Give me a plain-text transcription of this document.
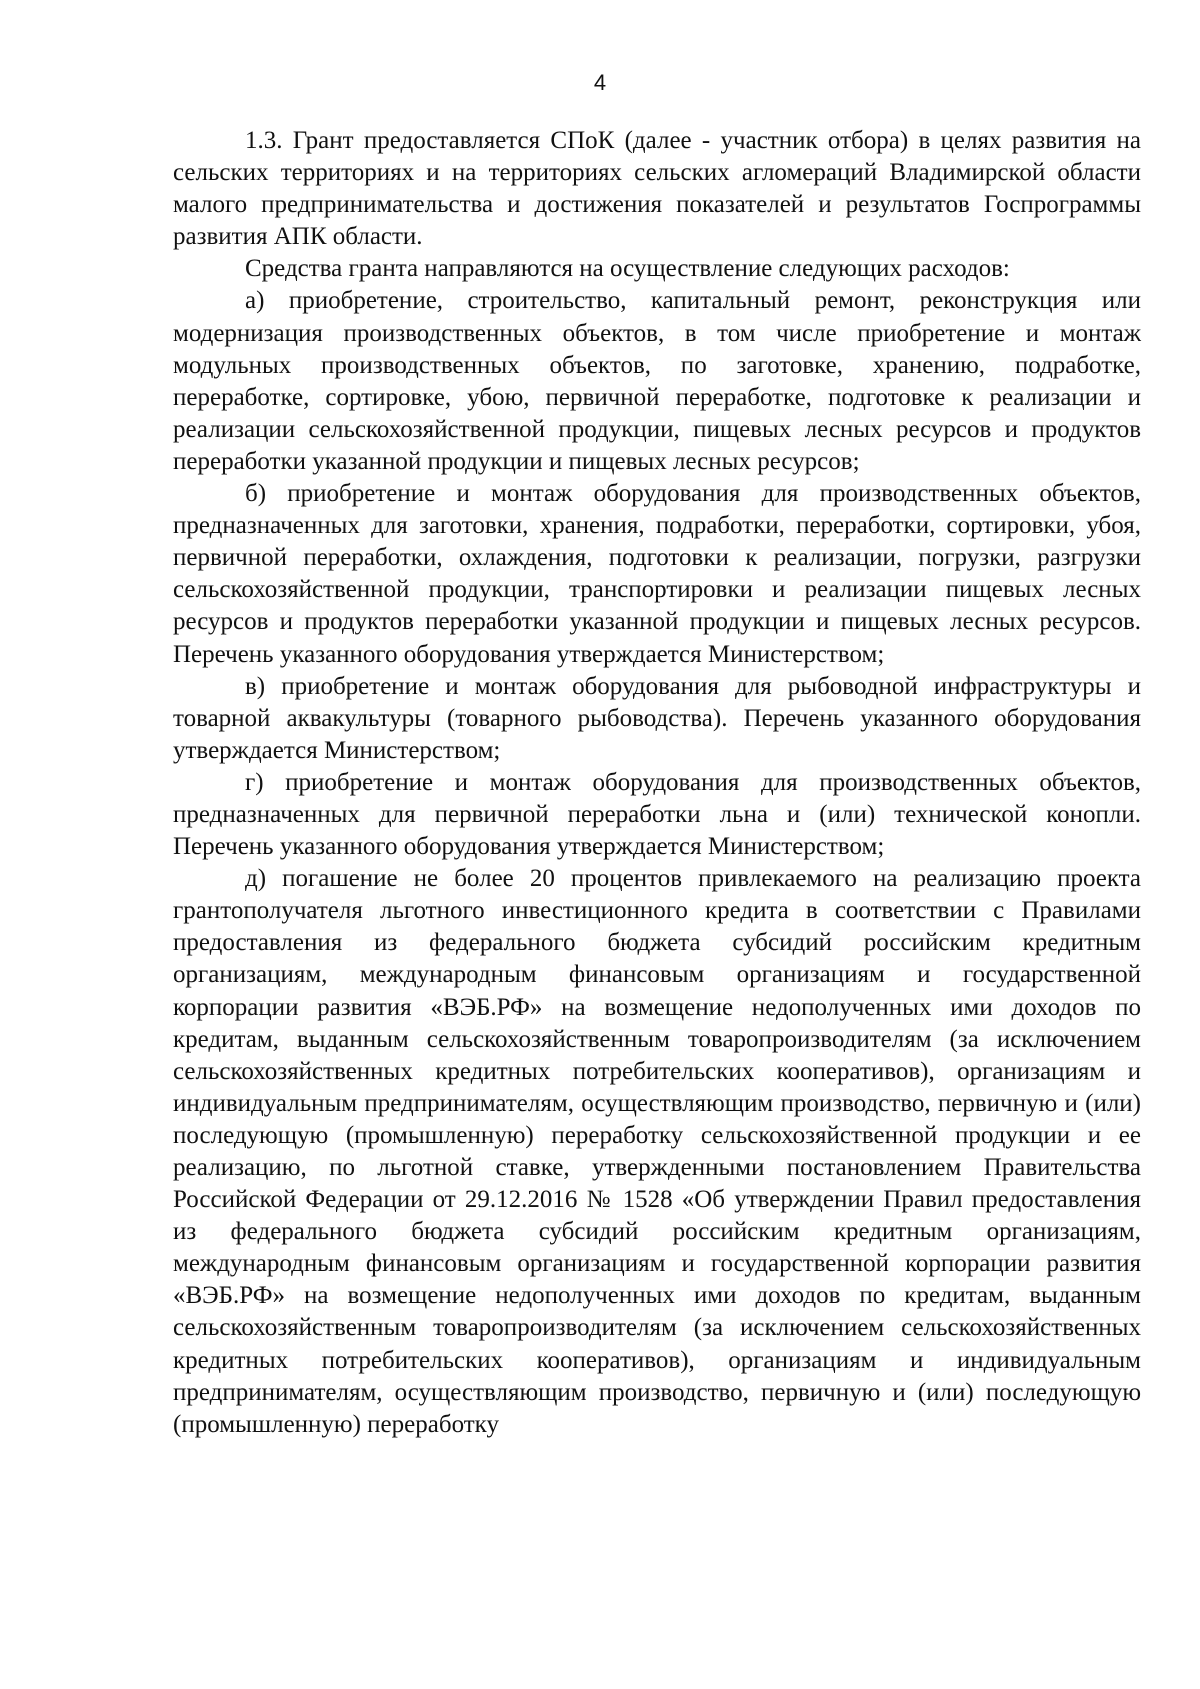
4

1.3. Грант предоставляется СПоК (далее - участник отбора) в целях развития на сельских территориях и на территориях сельских агломераций Владимирской области малого предпринимательства и достижения показателей и результатов Госпрограммы развития АПК области.

Средства гранта направляются на осуществление следующих расходов:

а) приобретение, строительство, капитальный ремонт, реконструкция или модернизация производственных объектов, в том числе приобретение и монтаж модульных производственных объектов, по заготовке, хранению, подработке, переработке, сортировке, убою, первичной переработке, подготовке к реализации и реализации сельскохозяйственной продукции, пищевых лесных ресурсов и продуктов переработки указанной продукции и пищевых лесных ресурсов;

б) приобретение и монтаж оборудования для производственных объектов, предназначенных для заготовки, хранения, подработки, переработки, сортировки, убоя, первичной переработки, охлаждения, подготовки к реализации, погрузки, разгрузки сельскохозяйственной продукции, транспортировки и реализации пищевых лесных ресурсов и продуктов переработки указанной продукции и пищевых лесных ресурсов. Перечень указанного оборудования утверждается Министерством;

в) приобретение и монтаж оборудования для рыбоводной инфраструктуры и товарной аквакультуры (товарного рыбоводства). Перечень указанного оборудования утверждается Министерством;

г) приобретение и монтаж оборудования для производственных объектов, предназначенных для первичной переработки льна и (или) технической конопли. Перечень указанного оборудования утверждается Министерством;

д) погашение не более 20 процентов привлекаемого на реализацию проекта грантополучателя льготного инвестиционного кредита в соответствии с Правилами предоставления из федерального бюджета субсидий российским кредитным организациям, международным финансовым организациям и государственной корпорации развития «ВЭБ.РФ» на возмещение недополученных ими доходов по кредитам, выданным сельскохозяйственным товаропроизводителям (за исключением сельскохозяйственных кредитных потребительских кооперативов), организациям и индивидуальным предпринимателям, осуществляющим производство, первичную и (или) последующую (промышленную) переработку сельскохозяйственной продукции и ее реализацию, по льготной ставке, утвержденными постановлением Правительства Российской Федерации от 29.12.2016 № 1528 «Об утверждении Правил предоставления из федерального бюджета субсидий российским кредитным организациям, международным финансовым организациям и государственной корпорации развития «ВЭБ.РФ» на возмещение недополученных ими доходов по кредитам, выданным сельскохозяйственным товаропроизводителям (за исключением сельскохозяйственных кредитных потребительских кооперативов), организациям и индивидуальным предпринимателям, осуществляющим производство, первичную и (или) последующую (промышленную) переработку
